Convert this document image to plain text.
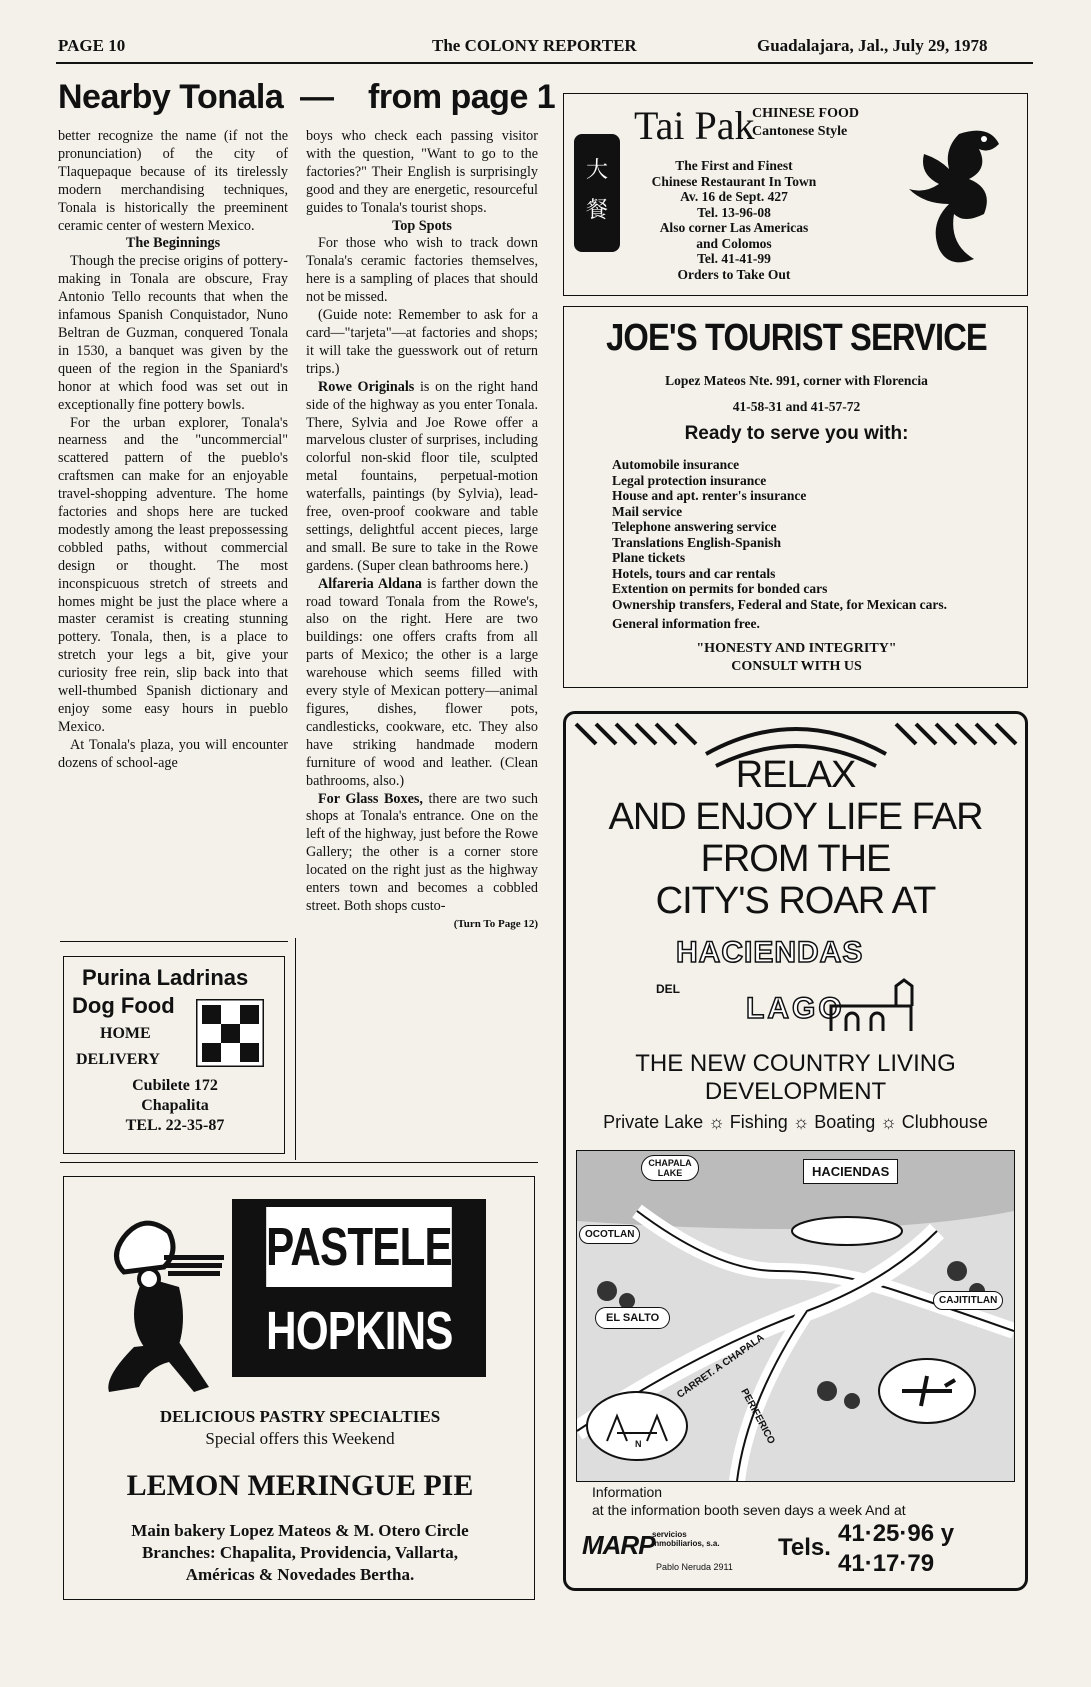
PAGE 10	The COLONY REPORTER	Guadalajara, Jal., July 29, 1978
Nearby Tonala — from page 1

better recognize the name (if not the pronunciation) of the city of Tlaquepaque because of its tirelessly modern merchandising techniques, Tonala is historically the preeminent ceramic center of western Mexico.

The Beginnings

Though the precise origins of pottery-making in Tonala are obscure, Fray Antonio Tello recounts that when the infamous Spanish Conquistador, Nuno Beltran de Guzman, conquered Tonala in 1530, a banquet was given by the queen of the region in the Spaniard's honor at which food was set out in exceptionally fine pottery bowls.

For the urban explorer, Tonala's nearness and the "uncommercial" scattered pattern of the pueblo's craftsmen can make for an enjoyable travel-shopping adventure. The home factories and shops here are tucked modestly among the least prepossessing cobbled paths, without commercial design or thought. The most inconspicuous stretch of streets and homes might be just the place where a master ceramist is creating stunning pottery. Tonala, then, is a place to stretch your legs a bit, give your curiosity free rein, slip back into that well-thumbed Spanish dictionary and enjoy some easy hours in pueblo Mexico.

At Tonala's plaza, you will encounter dozens of school-age

boys who check each passing visitor with the question, "Want to go to the factories?" Their English is surprisingly good and they are energetic, resourceful guides to Tonala's tourist shops.

Top Spots

For those who wish to track down Tonala's ceramic factories themselves, here is a sampling of places that should not be missed.

(Guide note: Remember to ask for a card—"tarjeta"—at factories and shops; it will take the guesswork out of return trips.)

Rowe Originals is on the right hand side of the highway as you enter Tonala. There, Sylvia and Joe Rowe offer a marvelous cluster of surprises, including colorful non-skid floor tile, sculpted metal fountains, perpetual-motion waterfalls, paintings (by Sylvia), lead-free, oven-proof cookware and table settings, delightful accent pieces, large and small. Be sure to take in the Rowe gardens. (Super clean bathrooms here.)

Alfareria Aldana is farther down the road toward Tonala from the Rowe's, also on the right. Here are two buildings: one offers crafts from all parts of Mexico; the other is a large warehouse which seems filled with every style of Mexican pottery—animal figures, dishes, flower pots, candlesticks, cookware, etc. They also have striking handmade modern furniture of wood and leather. (Clean bathrooms, also.)

For Glass Boxes, there are two such shops at Tonala's entrance. One on the left of the highway, just before the Rowe Gallery; the other is a corner store located on the right just as the highway enters town and becomes a cobbled street. Both shops custo-

(Turn To Page 12)

Purina Ladrinas
Dog Food
HOME
DELIVERY
Cubilete 172
Chapalita
TEL. 22-35-87
PASTELES
HOPKINS
DELICIOUS PASTRY SPECIALTIES
Special offers this Weekend
LEMON MERINGUE PIE
Main bakery Lopez Mateos & M. Otero Circle
Branches: Chapalita, Providencia, Vallarta,
Américas & Novedades Bertha.
大 餐
Tai Pak
CHINESE FOOD
Cantonese Style
The First and Finest
Chinese Restaurant In Town
Av. 16 de Sept. 427
Tel. 13-96-08
Also corner Las Americas
and Colomos
Tel. 41-41-99
Orders to Take Out
JOE'S TOURIST SERVICE
Lopez Mateos Nte. 991, corner with Florencia
41-58-31 and 41-57-72
Ready to serve you with:
Automobile insurance
Legal protection insurance
House and apt. renter's insurance
Mail service
Telephone answering service
Translations English-Spanish
Plane tickets
Hotels, tours and car rentals
Extention on permits for bonded cars
Ownership transfers, Federal and State, for Mexican cars.
General information free.
"HONESTY AND INTEGRITY"
CONSULT WITH US
RELAX
AND ENJOY LIFE FAR
FROM THE
CITY'S ROAR AT
HACIENDAS
DEL
LAGO
THE NEW COUNTRY LIVING
DEVELOPMENT
Private Lake ☼ Fishing ☼ Boating ☼ Clubhouse
CHAPALA LAKE
OCOTLAN
CAJITITLAN
EL SALTO
CARRET. A CHAPALA
PERIFERICO
N
HACIENDAS
Information
at the information booth seven days a week And at
MARP
servicios inmobiliarios, s.a.
Pablo Neruda 2911
Tels.
41·25·96 y
41·17·79
